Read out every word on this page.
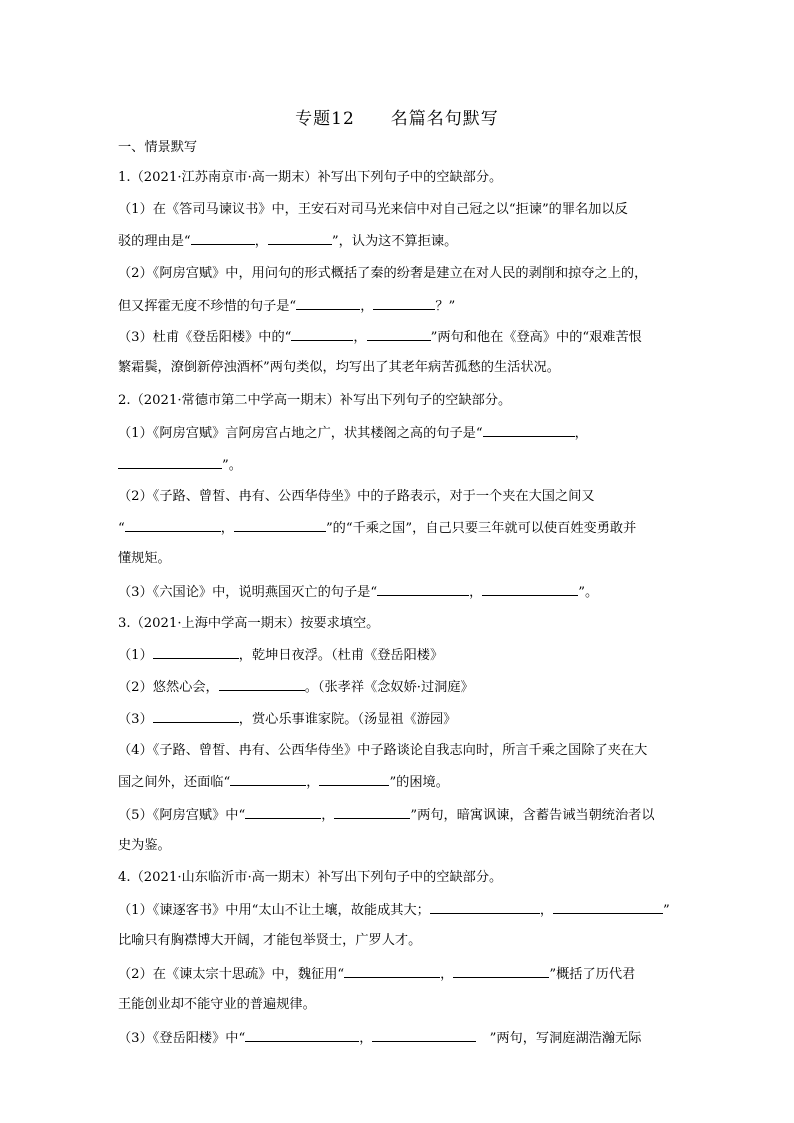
专题12　　名篇名句默写
一、情景默写
1.（2021·江苏南京市·高一期末）补写出下列句子中的空缺部分。
（1）在《答司马谏议书》中，王安石对司马光来信中对自己冠之以“拒谏”的罪名加以反
驳的理由是“	，	”，认为这不算拒谏。
（2）《阿房宫赋》中，用问句的形式概括了秦的纷奢是建立在对人民的剥削和掠夺之上的，
但又挥霍无度不珍惜的句子是“	，	？”
（3）杜甫《登岳阳楼》中的“	，	”两句和他在《登高》中的“艰难苦恨
繁霜鬓，潦倒新停浊酒杯”两句类似，均写出了其老年病苦孤愁的生活状况。
2.（2021·常德市第二中学高一期末）补写出下列句子的空缺部分。
（1）《阿房宫赋》言阿房宫占地之广，状其楼阁之高的句子是“	，
”。
（2）《子路、曾皙、冉有、公西华侍坐》中的子路表示，对于一个夹在大国之间又
“	，	”的“千乘之国”，自己只要三年就可以使百姓变勇敢并
懂规矩。
（3）《六国论》中，说明燕国灭亡的句子是“	，	”。
3.（2021·上海中学高一期末）按要求填空。
（1）	，乾坤日夜浮。（杜甫《登岳阳楼》
（2）悠然心会，	。（张孝祥《念奴娇·过洞庭》
（3）	，赏心乐事谁家院。（汤显祖《游园》
（4）《子路、曾皙、冉有、公西华侍坐》中子路谈论自我志向时，所言千乘之国除了夹在大
国之间外，还面临“	，	”的困境。
（5）《阿房宫赋》中“	，	”两句，暗寓讽谏，含蓄告诫当朝统治者以
史为鉴。
4.（2021·山东临沂市·高一期末）补写出下列句子中的空缺部分。
（1）《谏逐客书》中用“太山不让土壤，故能成其大；	，	”
比喻只有胸襟博大开阔，才能包举贤士，广罗人才。
（2）在《谏太宗十思疏》中，魏征用“	，	”概括了历代君
王能创业却不能守业的普遍规律。
（3）《登岳阳楼》中“	，	　”两句，写洞庭湖浩瀚无际
